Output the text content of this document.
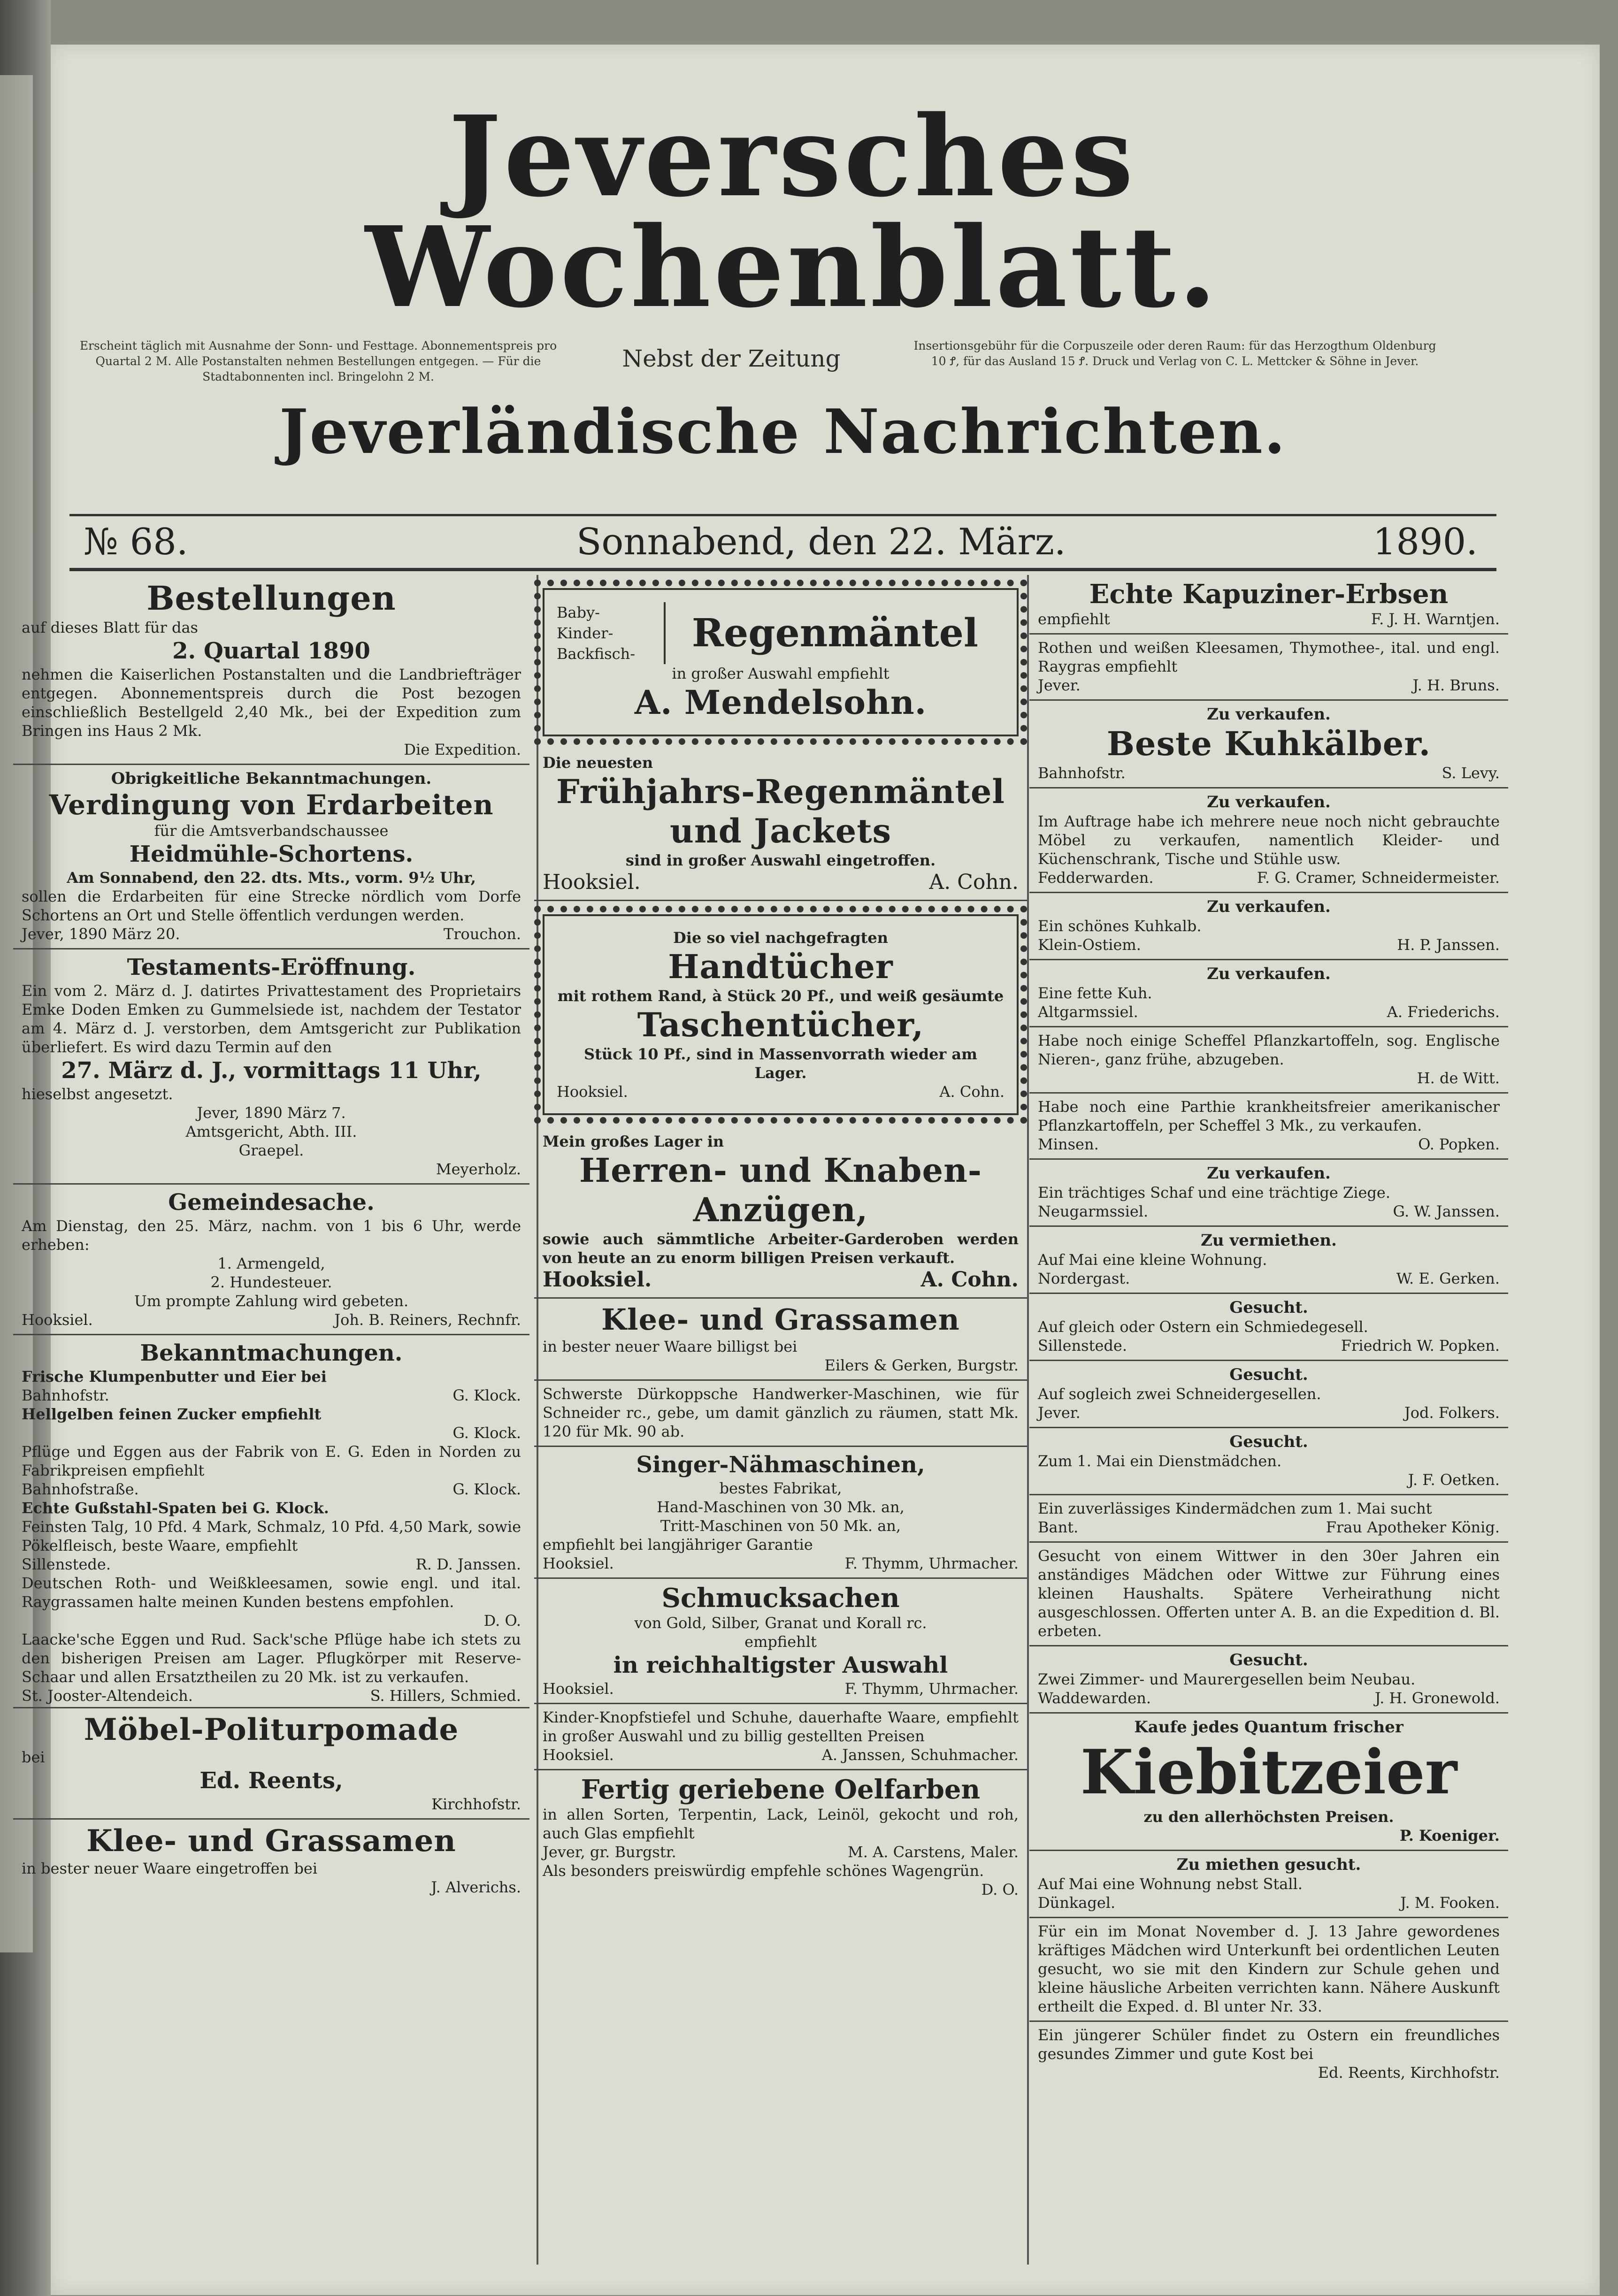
Jeversches Wochenblatt.
Erscheint täglich mit Ausnahme der Sonn- und Festtage. Abonnementspreis pro Quartal 2 M. Alle Postanstalten nehmen Bestellungen entgegen. — Für die Stadtabonnenten incl. Bringelohn 2 M.
Nebst der Zeitung	Insertionsgebühr für die Corpuszeile oder deren Raum: für das Herzogthum Oldenburg 10 Ꝭ, für das Ausland 15 Ꝭ. Druck und Verlag von C. L. Mettcker & Söhne in Jever.
Jeverländische Nachrichten.
№ 68.	Sonnabend, den 22. März.	1890.
Bestellungen
auf dieses Blatt für das
2. Quartal 1890
nehmen die Kaiserlichen Postanstalten und die Landbriefträger entgegen. Abonnementspreis durch die Post bezogen einschließlich Bestellgeld 2,40 Mk., bei der Expedition zum Bringen ins Haus 2 Mk.
Die Expedition.
Obrigkeitliche Bekanntmachungen.
Verdingung von Erdarbeiten
für die Amtsverbandschaussee
Heidmühle-Schortens.
Am Sonnabend, den 22. dts. Mts., vorm. 9½ Uhr,
sollen die Erdarbeiten für eine Strecke nördlich vom Dorfe Schortens an Ort und Stelle öffentlich verdungen werden.
Jever, 1890 März 20.	Trouchon.
Testaments-Eröffnung.
Ein vom 2. März d. J. datirtes Privattestament des Proprietairs Emke Doden Emken zu Gummelsiede ist, nachdem der Testator am 4. März d. J. verstorben, dem Amtsgericht zur Publikation überliefert. Es wird dazu Termin auf den
27. März d. J., vormittags 11 Uhr,
hieselbst angesetzt.
Jever, 1890 März 7.
Amtsgericht, Abth. III.
Graepel.
Meyerholz.
Gemeindesache.
Am Dienstag, den 25. März, nachm. von 1 bis 6 Uhr, werde erheben:
1. Armengeld,
2. Hundesteuer.
Um prompte Zahlung wird gebeten.
Hooksiel.	Joh. B. Reiners, Rechnfr.
Bekanntmachungen.
Frische Klumpenbutter und Eier bei
Bahnhofstr.	G. Klock.
Hellgelben feinen Zucker empfiehlt
G. Klock.
Pflüge und Eggen aus der Fabrik von E. G. Eden in Norden zu Fabrikpreisen empfiehlt
Bahnhofstraße.	G. Klock.
Echte Gußstahl-Spaten bei G. Klock.
Feinsten Talg, 10 Pfd. 4 Mark, Schmalz, 10 Pfd. 4,50 Mark, sowie Pökelfleisch, beste Waare, empfiehlt
Sillenstede.	R. D. Janssen.
Deutschen Roth- und Weißkleesamen, sowie engl. und ital. Raygrassamen halte meinen Kunden bestens empfohlen.
D. O.
Laacke'sche Eggen und Rud. Sack'sche Pflüge habe ich stets zu den bisherigen Preisen am Lager. Pflugkörper mit Reserve-Schaar und allen Ersatztheilen zu 20 Mk. ist zu verkaufen.
St. Jooster-Altendeich.	S. Hillers, Schmied.
Möbel-Politurpomade
bei
Ed. Reents,
Kirchhofstr.
Klee- und Grassamen
in bester neuer Waare eingetroffen bei
J. Alverichs.
Baby- Kinder- Backfisch-	Regenmäntel
in großer Auswahl empfiehlt
A. Mendelsohn.
Die neuesten
Frühjahrs-Regenmäntel
und Jackets
sind in großer Auswahl eingetroffen.
Hooksiel.	A. Cohn.
Die so viel nachgefragten
Handtücher
mit rothem Rand, à Stück 20 Pf., und weiß gesäumte
Taschentücher,
Stück 10 Pf., sind in Massenvorrath wieder am Lager.
Hooksiel.	A. Cohn.
Mein großes Lager in
Herren- und Knaben-
Anzügen,
sowie auch sämmtliche Arbeiter-Garderoben werden von heute an zu enorm billigen Preisen verkauft.
Hooksiel.	A. Cohn.
Klee- und Grassamen
in bester neuer Waare billigst bei
Eilers & Gerken, Burgstr.
Schwerste Dürkoppsche Handwerker-Maschinen, wie für Schneider rc., gebe, um damit gänzlich zu räumen, statt Mk. 120 für Mk. 90 ab.
Singer-Nähmaschinen,
bestes Fabrikat,
Hand-Maschinen von 30 Mk. an,
Tritt-Maschinen von 50 Mk. an,
empfiehlt bei langjähriger Garantie
Hooksiel.	F. Thymm, Uhrmacher.
Schmucksachen
von Gold, Silber, Granat und Korall rc.
empfiehlt
in reichhaltigster Auswahl
Hooksiel.	F. Thymm, Uhrmacher.
Kinder-Knopfstiefel und Schuhe, dauerhafte Waare, empfiehlt in großer Auswahl und zu billig gestellten Preisen
Hooksiel.	A. Janssen, Schuhmacher.
Fertig geriebene Oelfarben
in allen Sorten, Terpentin, Lack, Leinöl, gekocht und roh, auch Glas empfiehlt
Jever, gr. Burgstr.	M. A. Carstens, Maler.
Als besonders preiswürdig empfehle schönes Wagengrün.
D. O.
Echte Kapuziner-Erbsen
empfiehlt	F. J. H. Warntjen.
Rothen und weißen Kleesamen, Thymothee-, ital. und engl. Raygras empfiehlt
Jever.	J. H. Bruns.
Zu verkaufen.
Beste Kuhkälber.
Bahnhofstr.	S. Levy.
Zu verkaufen.
Im Auftrage habe ich mehrere neue noch nicht gebrauchte Möbel zu verkaufen, namentlich Kleider- und Küchenschrank, Tische und Stühle usw.
Fedderwarden.	F. G. Cramer, Schneidermeister.
Zu verkaufen.
Ein schönes Kuhkalb.
Klein-Ostiem.	H. P. Janssen.
Zu verkaufen.
Eine fette Kuh.
Altgarmssiel.	A. Friederichs.
Habe noch einige Scheffel Pflanzkartoffeln, sog. Englische Nieren-, ganz frühe, abzugeben.
H. de Witt.
Habe noch eine Parthie krankheitsfreier amerikanischer Pflanzkartoffeln, per Scheffel 3 Mk., zu verkaufen.
Minsen.	O. Popken.
Zu verkaufen.
Ein trächtiges Schaf und eine trächtige Ziege.
Neugarmssiel.	G. W. Janssen.
Zu vermiethen.
Auf Mai eine kleine Wohnung.
Nordergast.	W. E. Gerken.
Gesucht.
Auf gleich oder Ostern ein Schmiedegesell.
Sillenstede.	Friedrich W. Popken.
Gesucht.
Auf sogleich zwei Schneidergesellen.
Jever.	Jod. Folkers.
Gesucht.
Zum 1. Mai ein Dienstmädchen.
J. F. Oetken.
Ein zuverlässiges Kindermädchen zum 1. Mai sucht
Bant.	Frau Apotheker König.
Gesucht von einem Wittwer in den 30er Jahren ein anständiges Mädchen oder Wittwe zur Führung eines kleinen Haushalts. Spätere Verheirathung nicht ausgeschlossen. Offerten unter A. B. an die Expedition d. Bl. erbeten.
Gesucht.
Zwei Zimmer- und Maurergesellen beim Neubau.
Waddewarden.	J. H. Gronewold.
Kaufe jedes Quantum frischer
Kiebitzeier
zu den allerhöchsten Preisen.
P. Koeniger.
Zu miethen gesucht.
Auf Mai eine Wohnung nebst Stall.
Dünkagel.	J. M. Fooken.
Für ein im Monat November d. J. 13 Jahre gewordenes kräftiges Mädchen wird Unterkunft bei ordentlichen Leuten gesucht, wo sie mit den Kindern zur Schule gehen und kleine häusliche Arbeiten verrichten kann. Nähere Auskunft ertheilt die Exped. d. Bl unter Nr. 33.
Ein jüngerer Schüler findet zu Ostern ein freundliches gesundes Zimmer und gute Kost bei
Ed. Reents, Kirchhofstr.
